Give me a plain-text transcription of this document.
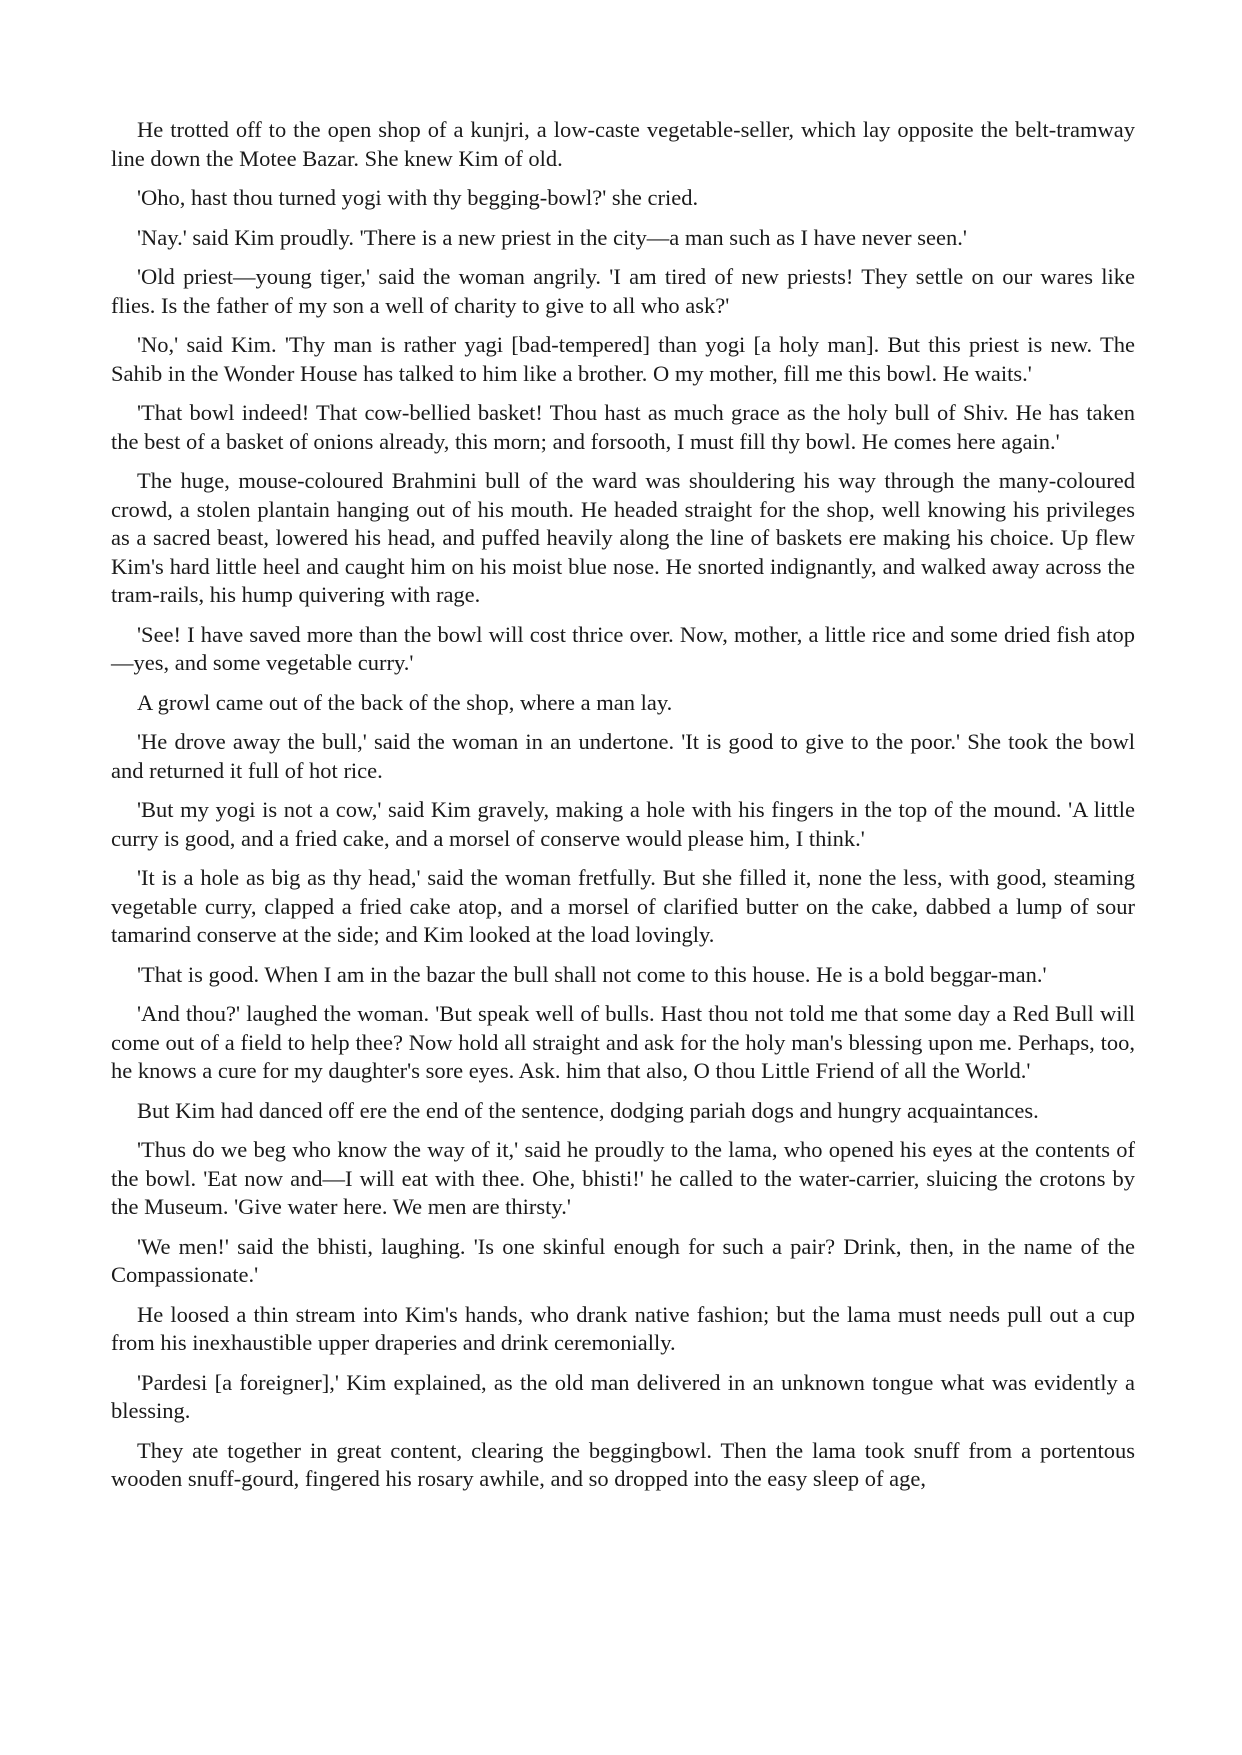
He trotted off to the open shop of a kunjri, a low-caste vegetable-seller, which lay opposite the belt-tramway line down the Motee Bazar. She knew Kim of old.

'Oho, hast thou turned yogi with thy begging-bowl?' she cried.

'Nay.' said Kim proudly. 'There is a new priest in the city—a man such as I have never seen.'

'Old priest—young tiger,' said the woman angrily. 'I am tired of new priests! They settle on our wares like flies. Is the father of my son a well of charity to give to all who ask?'

'No,' said Kim. 'Thy man is rather yagi [bad-tempered] than yogi [a holy man]. But this priest is new. The Sahib in the Wonder House has talked to him like a brother. O my mother, fill me this bowl. He waits.'

'That bowl indeed! That cow-bellied basket! Thou hast as much grace as the holy bull of Shiv. He has taken the best of a basket of onions already, this morn; and forsooth, I must fill thy bowl. He comes here again.'

The huge, mouse-coloured Brahmini bull of the ward was shouldering his way through the many-coloured crowd, a stolen plantain hanging out of his mouth. He headed straight for the shop, well knowing his privileges as a sacred beast, lowered his head, and puffed heavily along the line of baskets ere making his choice. Up flew Kim's hard little heel and caught him on his moist blue nose. He snorted indignantly, and walked away across the tram-rails, his hump quivering with rage.

'See! I have saved more than the bowl will cost thrice over. Now, mother, a little rice and some dried fish atop—yes, and some vegetable curry.'

A growl came out of the back of the shop, where a man lay.

'He drove away the bull,' said the woman in an undertone. 'It is good to give to the poor.' She took the bowl and returned it full of hot rice.

'But my yogi is not a cow,' said Kim gravely, making a hole with his fingers in the top of the mound. 'A little curry is good, and a fried cake, and a morsel of conserve would please him, I think.'

'It is a hole as big as thy head,' said the woman fretfully. But she filled it, none the less, with good, steaming vegetable curry, clapped a fried cake atop, and a morsel of clarified butter on the cake, dabbed a lump of sour tamarind conserve at the side; and Kim looked at the load lovingly.

'That is good. When I am in the bazar the bull shall not come to this house. He is a bold beggar-man.'

'And thou?' laughed the woman. 'But speak well of bulls. Hast thou not told me that some day a Red Bull will come out of a field to help thee? Now hold all straight and ask for the holy man's blessing upon me. Perhaps, too, he knows a cure for my daughter's sore eyes. Ask. him that also, O thou Little Friend of all the World.'

But Kim had danced off ere the end of the sentence, dodging pariah dogs and hungry acquaintances.

'Thus do we beg who know the way of it,' said he proudly to the lama, who opened his eyes at the contents of the bowl. 'Eat now and—I will eat with thee. Ohe, bhisti!' he called to the water-carrier, sluicing the crotons by the Museum. 'Give water here. We men are thirsty.'

'We men!' said the bhisti, laughing. 'Is one skinful enough for such a pair? Drink, then, in the name of the Compassionate.'

He loosed a thin stream into Kim's hands, who drank native fashion; but the lama must needs pull out a cup from his inexhaustible upper draperies and drink ceremonially.

'Pardesi [a foreigner],' Kim explained, as the old man delivered in an unknown tongue what was evidently a blessing.

They ate together in great content, clearing the beggingbowl. Then the lama took snuff from a portentous wooden snuff-gourd, fingered his rosary awhile, and so dropped into the easy sleep of age,
